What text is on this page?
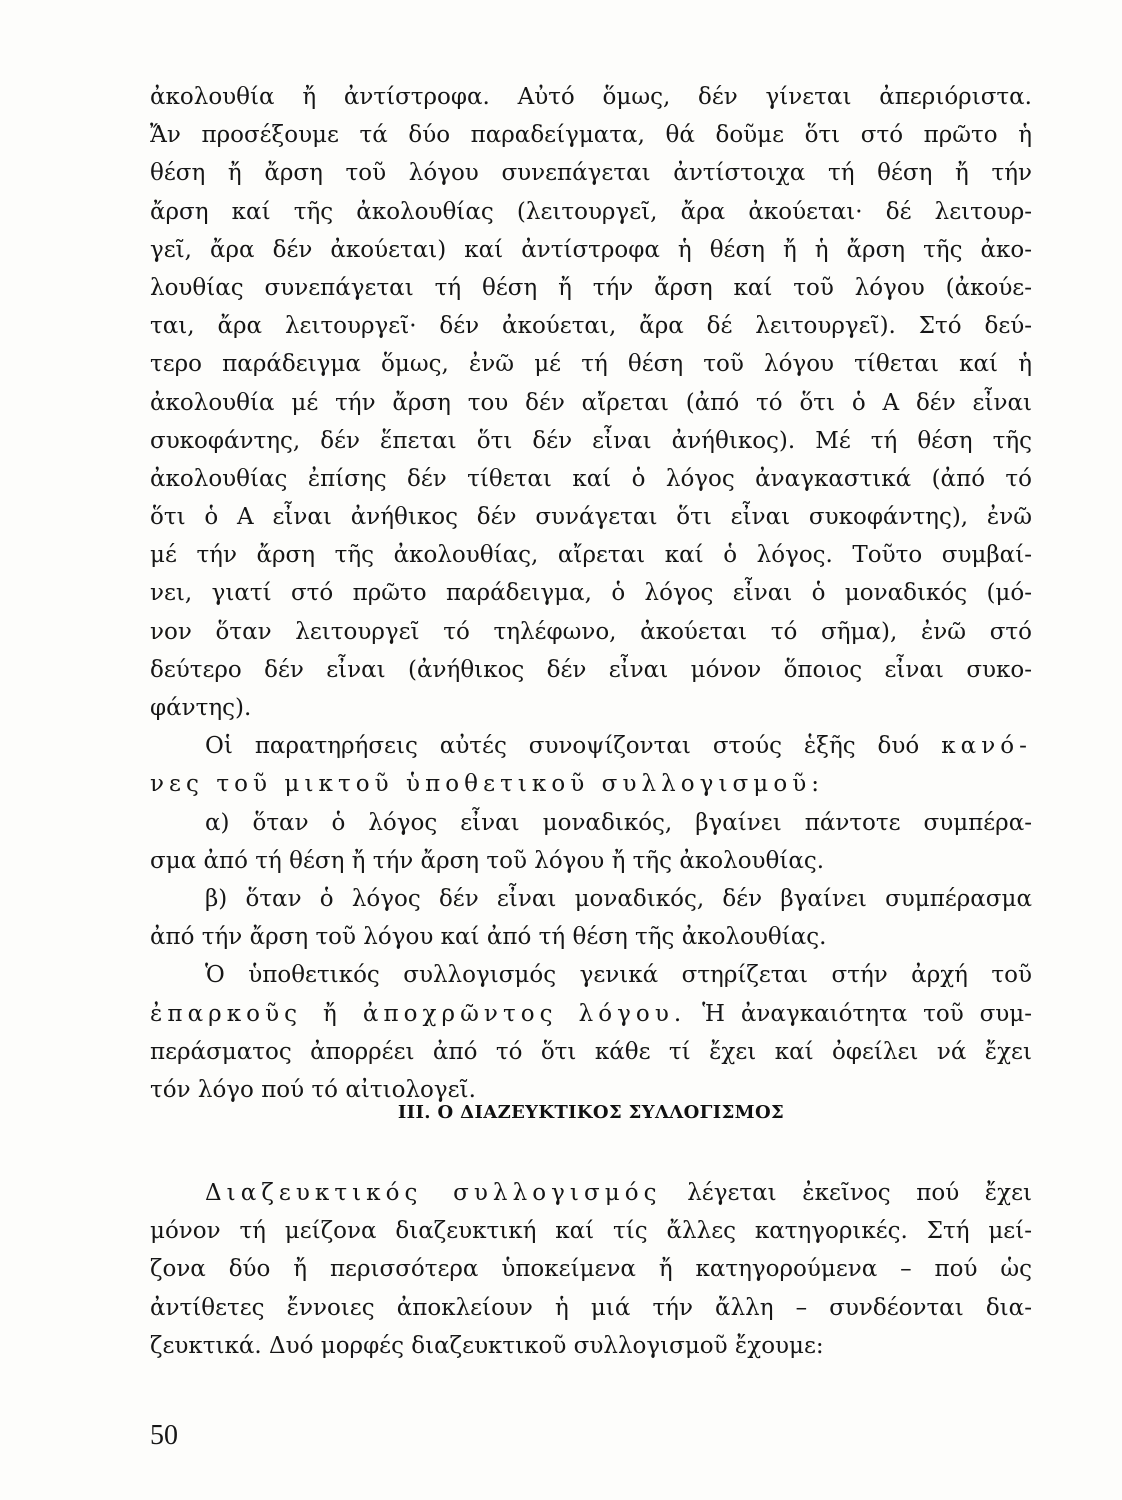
ἀκολουθία ἤ ἀντίστροφα. Αὐτό ὅμως, δέν γίνεται ἀπεριόριστα.
Ἄν προσέξουμε τά δύο παραδείγματα, θά δοῦμε ὅτι στό πρῶτο ἡ
θέση ἤ ἄρση τοῦ λόγου συνεπάγεται ἀντίστοιχα τή θέση ἤ τήν
ἄρση καί τῆς ἀκολουθίας (λειτουργεῖ, ἄρα ἀκούεται· δέ λειτουρ-
γεῖ, ἄρα δέν ἀκούεται) καί ἀντίστροφα ἡ θέση ἤ ἡ ἄρση τῆς ἀκο-
λουθίας συνεπάγεται τή θέση ἤ τήν ἄρση καί τοῦ λόγου (ἀκούε-
ται, ἄρα λειτουργεῖ· δέν ἀκούεται, ἄρα δέ λειτουργεῖ). Στό δεύ-
τερο παράδειγμα ὅμως, ἐνῶ μέ τή θέση τοῦ λόγου τίθεται καί ἡ
ἀκολουθία μέ τήν ἄρση του δέν αἴρεται (ἀπό τό ὅτι ὁ Α δέν εἶναι
συκοφάντης, δέν ἕπεται ὅτι δέν εἶναι ἀνήθικος). Μέ τή θέση τῆς
ἀκολουθίας ἐπίσης δέν τίθεται καί ὁ λόγος ἀναγκαστικά (ἀπό τό
ὅτι ὁ Α εἶναι ἀνήθικος δέν συνάγεται ὅτι εἶναι συκοφάντης), ἐνῶ
μέ τήν ἄρση τῆς ἀκολουθίας, αἴρεται καί ὁ λόγος. Τοῦτο συμβαί-
νει, γιατί στό πρῶτο παράδειγμα, ὁ λόγος εἶναι ὁ μοναδικός (μό-
νον ὅταν λειτουργεῖ τό τηλέφωνο, ἀκούεται τό σῆμα), ἐνῶ στό
δεύτερο δέν εἶναι (ἀνήθικος δέν εἶναι μόνον ὅποιος εἶναι συκο-
φάντης).
Οἱ παρατηρήσεις αὐτές συνοψίζονται στούς ἑξῆς δυό κανό-
νες τοῦ μικτοῦ ὑποθετικοῦ συλλογισμοῦ:
α) ὅταν ὁ λόγος εἶναι μοναδικός, βγαίνει πάντοτε συμπέρα-
σμα ἀπό τή θέση ἤ τήν ἄρση τοῦ λόγου ἤ τῆς ἀκολουθίας.
β) ὅταν ὁ λόγος δέν εἶναι μοναδικός, δέν βγαίνει συμπέρασμα
ἀπό τήν ἄρση τοῦ λόγου καί ἀπό τή θέση τῆς ἀκολουθίας.
Ὁ ὑποθετικός συλλογισμός γενικά στηρίζεται στήν ἀρχή τοῦ
ἐπαρκοῦς ἤ ἀποχρῶντος λόγου. Ἡ ἀναγκαιότητα τοῦ συμ-
περάσματος ἀπορρέει ἀπό τό ὅτι κάθε τί ἔχει καί ὀφείλει νά ἔχει
τόν λόγο πού τό αἰτιολογεῖ.
ΙΙΙ. Ο ΔΙΑΖΕΥΚΤΙΚΟΣ ΣΥΛΛΟΓΙΣΜΟΣ
Διαζευκτικός συλλογισμός λέγεται ἐκεῖνος πού ἔχει
μόνον τή μείζονα διαζευκτική καί τίς ἄλλες κατηγορικές. Στή μεί-
ζονα δύο ἤ περισσότερα ὑποκείμενα ἤ κατηγορούμενα – πού ὡς
ἀντίθετες ἔννοιες ἀποκλείουν ἡ μιά τήν ἄλλη – συνδέονται δια-
ζευκτικά. Δυό μορφές διαζευκτικοῦ συλλογισμοῦ ἔχουμε:
50
